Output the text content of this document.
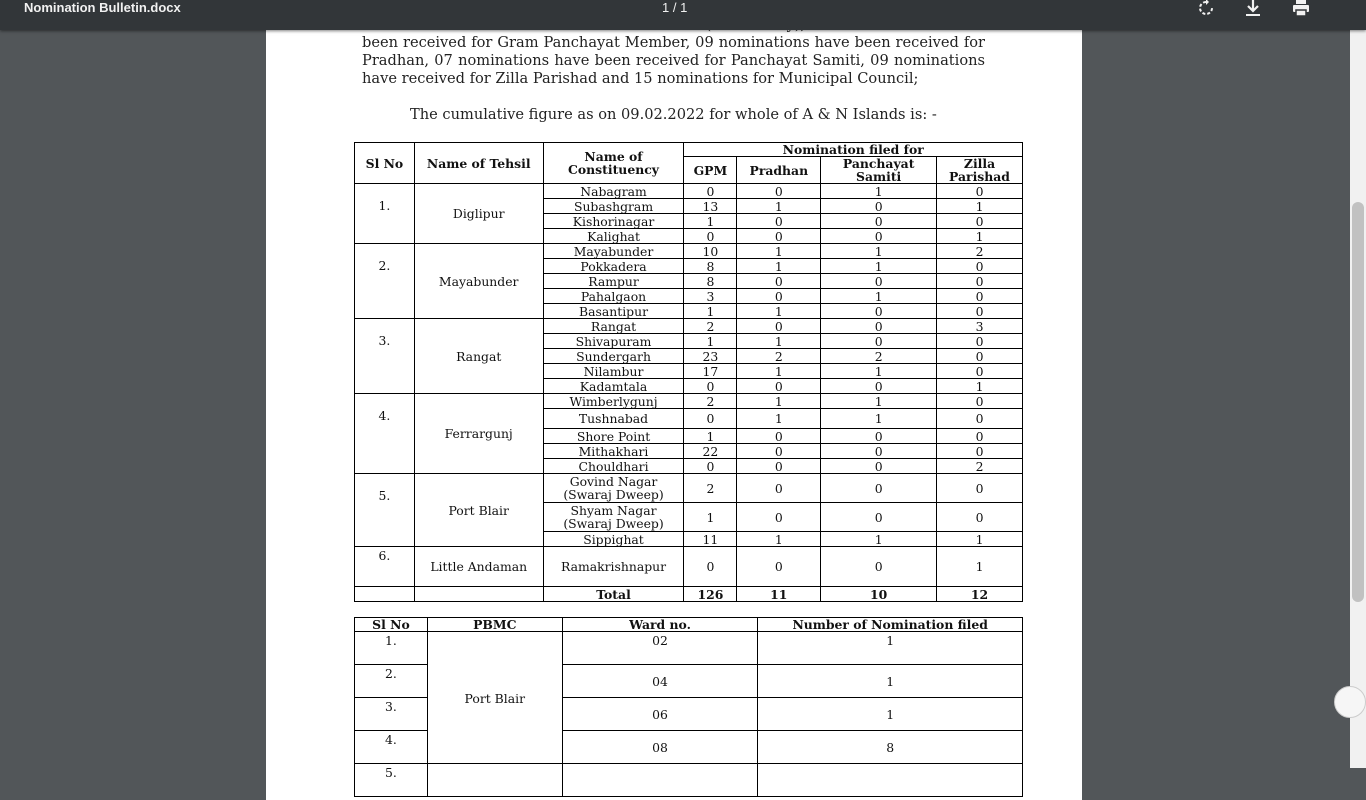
Nomination Bulletin.docx	1 / 1

been received for Gram Panchayat Member, 09 nominations have been received for Pradhan, 07 nominations have been received for Panchayat Samiti, 09 nominations have received for Zilla Parishad and 15 nominations for Municipal Council;

The cumulative figure as on 09.02.2022 for whole of A & N Islands is: -

Sl No	Name of Tehsil	Name of Constituency	Nomination filed for			
			GPM	Pradhan	Panchayat Samiti	Zilla Parishad
1.	Diglipur	Nabagram	0	0	1	0
		Subashgram	13	1	0	1
		Kishorinagar	1	0	0	0
		Kalighat	0	0	0	1
2.	Mayabunder	Mayabunder	10	1	1	2
		Pokkadera	8	1	1	0
		Rampur	8	0	0	0
		Pahalgaon	3	0	1	0
		Basantipur	1	1	0	0
3.	Rangat	Rangat	2	0	0	3
		Shivapuram	1	1	0	0
		Sundergarh	23	2	2	0
		Nilambur	17	1	1	0
		Kadamtala	0	0	0	1
4.	Ferrargunj	Wimberlygunj	2	1	1	0
		Tushnabad	0	1	1	0
		Shore Point	1	0	0	0
		Mithakhari	22	0	0	0
		Chouldhari	0	0	0	2
5.	Port Blair	Govind Nagar (Swaraj Dweep)	2	0	0	0
		Shyam Nagar (Swaraj Dweep)	1	0	0	0
		Sippighat	11	1	1	1
6.	Little Andaman	Ramakrishnapur	0	0	0	1
		Total	126	11	10	12
Sl No	PBMC	Ward no.	Number of Nomination filed
1.	Port Blair	02	1
2.		04	1
3.		06	1
4.		08	8
5.			
